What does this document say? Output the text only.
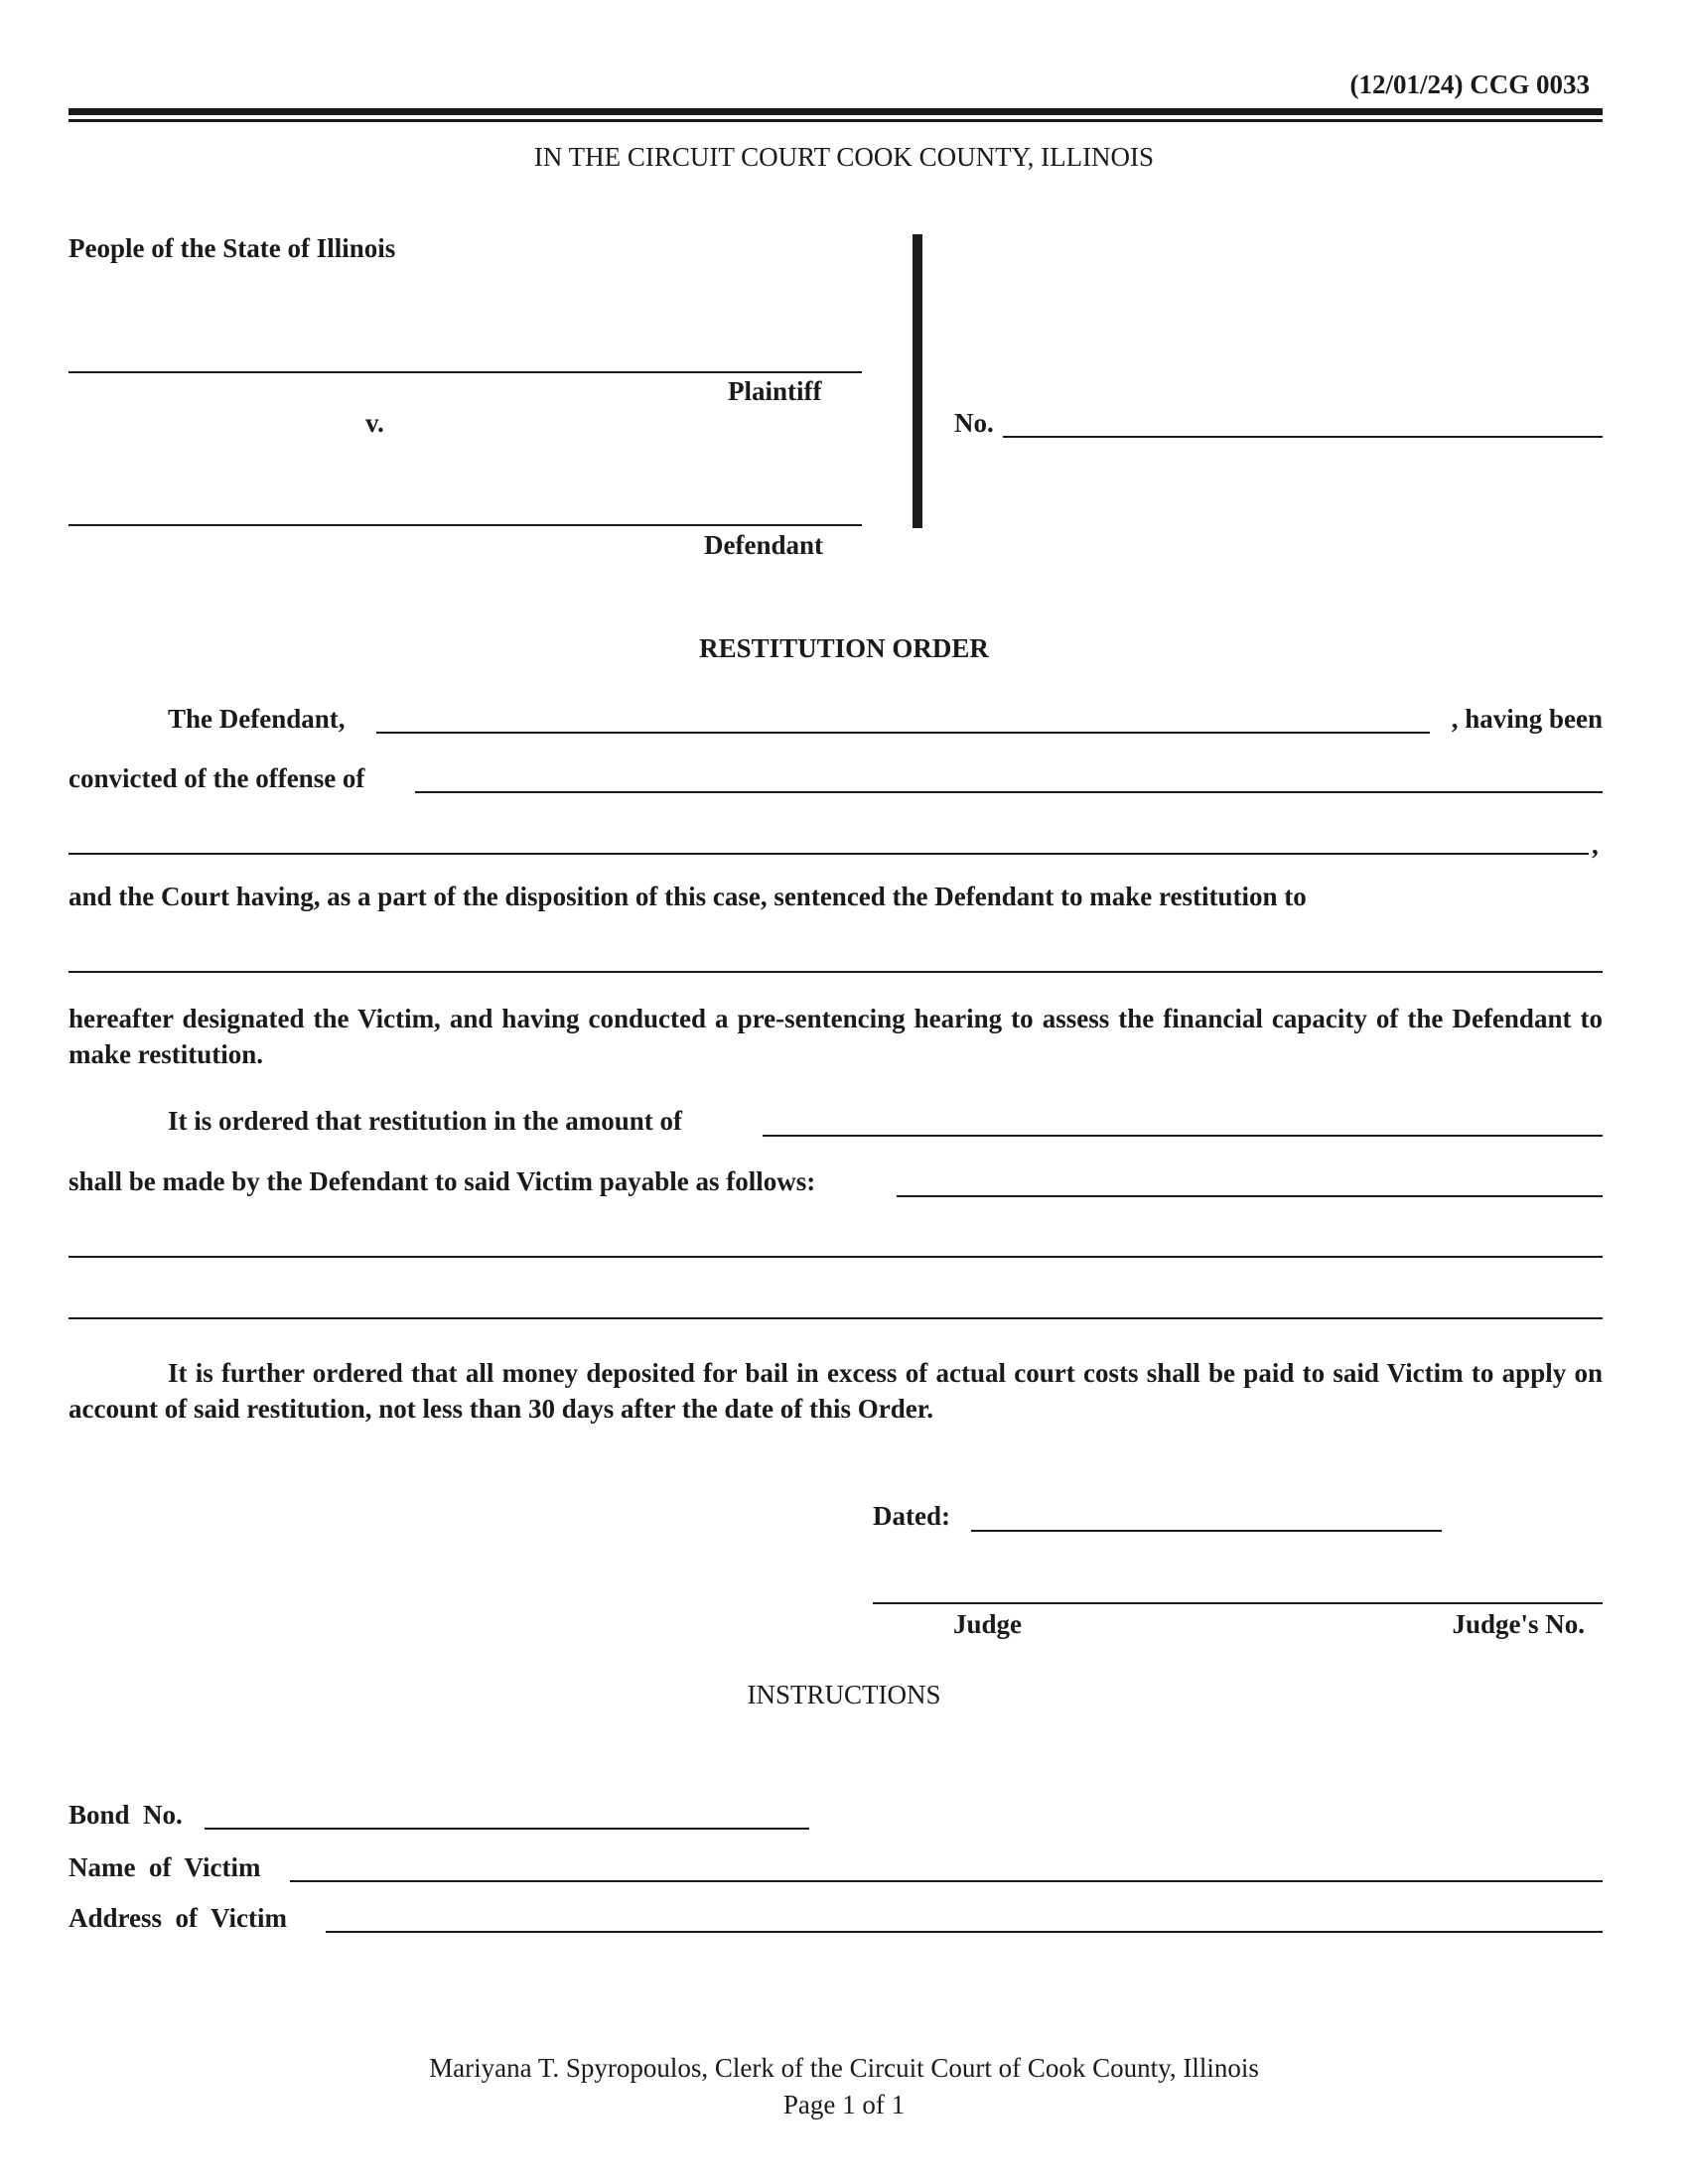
(12/01/24) CCG 0033
IN THE CIRCUIT COURT COOK COUNTY, ILLINOIS
People of the State of Illinois
Plaintiff
v.
Defendant
No.
RESTITUTION ORDER
The Defendant,	, having been
convicted of the offense of
,
and the Court having, as a part of the disposition of this case, sentenced the Defendant to make restitution to
hereafter designated the Victim, and having conducted a pre-sentencing hearing to assess the financial capacity of the Defendant to make restitution.
It is ordered that restitution in the amount of
shall be made by the Defendant to said Victim payable as follows:
It is further ordered that all money deposited for bail in excess of actual court costs shall be paid to said Victim to apply on account of said restitution, not less than 30 days after the date of this Order.
Dated:
Judge	Judge's No.
INSTRUCTIONS
Bond  No.
Name  of  Victim
Address  of  Victim
Mariyana T. Spyropoulos, Clerk of the Circuit Court of Cook County, Illinois
Page 1 of 1
